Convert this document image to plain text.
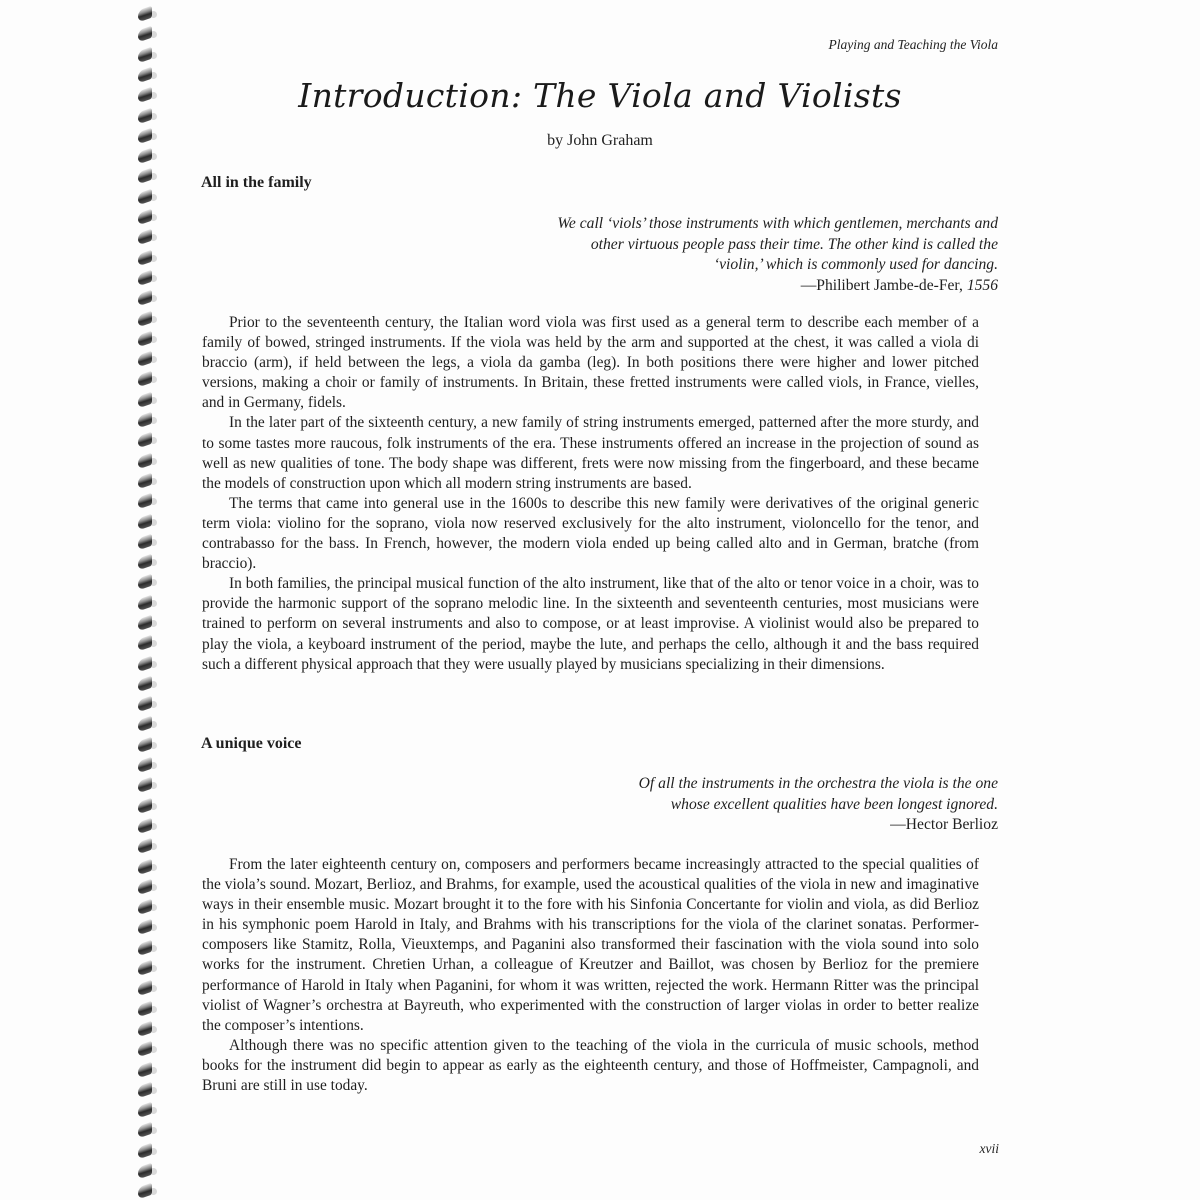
Playing and Teaching the Viola
Introduction: The Viola and Violists
by John Graham
All in the family
We call ‘viols’ those instruments with which gentlemen, merchants and
other virtuous people pass their time. The other kind is called the
‘violin,’ which is commonly used for dancing.
—Philibert Jambe-de-Fer, 1556

Prior to the seventeenth century, the Italian word viola was first used as a general term to describe each member of a family of bowed, stringed instruments. If the viola was held by the arm and supported at the chest, it was called a viola di braccio (arm), if held between the legs, a viola da gamba (leg). In both positions there were higher and lower pitched versions, making a choir or family of instruments. In Britain, these fretted instruments were called viols, in France, vielles, and in Germany, fidels.

In the later part of the sixteenth century, a new family of string instruments emerged, patterned after the more sturdy, and to some tastes more raucous, folk instruments of the era. These instruments offered an increase in the projection of sound as well as new qualities of tone. The body shape was different, frets were now missing from the fingerboard, and these became the models of construction upon which all modern string instruments are based.

The terms that came into general use in the 1600s to describe this new family were derivatives of the original generic term viola: violino for the soprano, viola now reserved exclusively for the alto instrument, violoncello for the tenor, and contrabasso for the bass. In French, however, the modern viola ended up being called alto and in German, bratche (from braccio).

In both families, the principal musical function of the alto instrument, like that of the alto or tenor voice in a choir, was to provide the harmonic support of the soprano melodic line. In the sixteenth and seventeenth centuries, most musicians were trained to perform on several instruments and also to compose, or at least improvise. A violinist would also be prepared to play the viola, a keyboard instrument of the period, maybe the lute, and perhaps the cello, although it and the bass required such a different physical approach that they were usually played by musicians specializing in their dimensions.

A unique voice
Of all the instruments in the orchestra the viola is the one
whose excellent qualities have been longest ignored.
—Hector Berlioz

From the later eighteenth century on, composers and performers became increasingly attracted to the special qualities of the viola’s sound. Mozart, Berlioz, and Brahms, for example, used the acoustical qualities of the viola in new and imaginative ways in their ensemble music. Mozart brought it to the fore with his Sinfonia Concertante for violin and viola, as did Berlioz in his symphonic poem Harold in Italy, and Brahms with his transcriptions for the viola of the clarinet sonatas. Performer-composers like Stamitz, Rolla, Vieuxtemps, and Paganini also transformed their fascination with the viola sound into solo works for the instrument. Chretien Urhan, a colleague of Kreutzer and Baillot, was chosen by Berlioz for the premiere performance of Harold in Italy when Paganini, for whom it was written, rejected the work. Hermann Ritter was the principal violist of Wagner’s orchestra at Bayreuth, who experimented with the construction of larger violas in order to better realize the composer’s intentions.

Although there was no specific attention given to the teaching of the viola in the curricula of music schools, method books for the instrument did begin to appear as early as the eighteenth century, and those of Hoffmeister, Campagnoli, and Bruni are still in use today.

xvii
